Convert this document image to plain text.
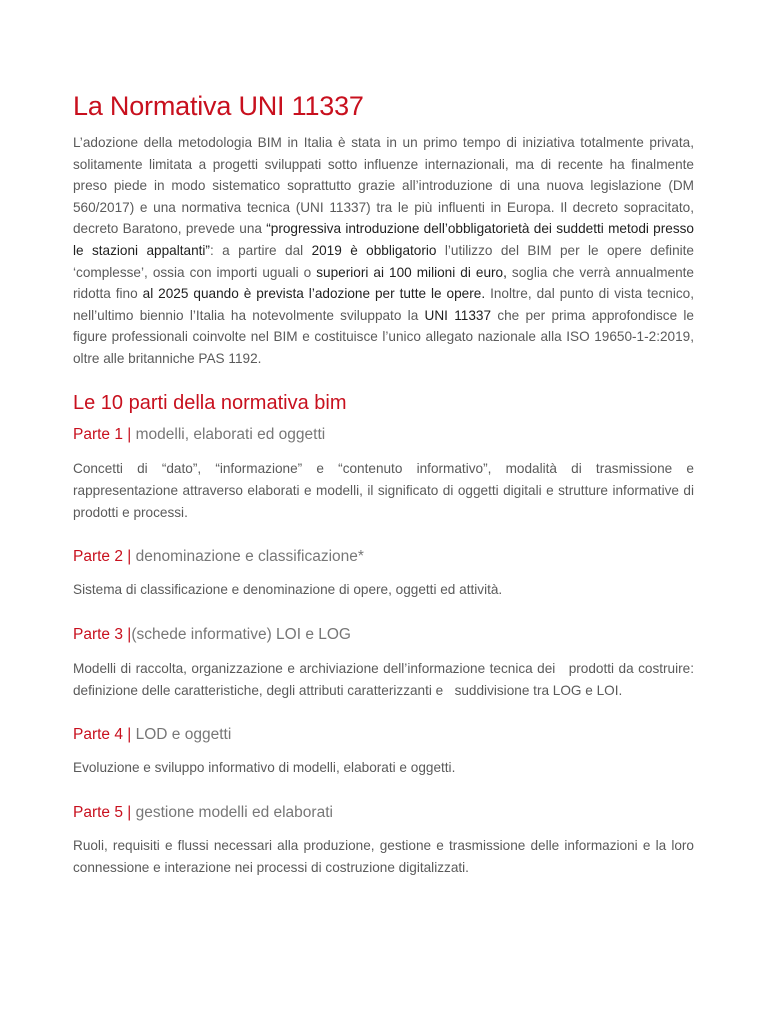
La Normativa UNI 11337

L’adozione della metodologia BIM in Italia è stata in un primo tempo di iniziativa totalmente privata, solitamente limitata a progetti sviluppati sotto influenze internazionali, ma di recente ha finalmente preso piede in modo sistematico soprattutto grazie all’introduzione di una nuova legislazione (DM 560/2017) e una normativa tecnica (UNI 11337) tra le più influenti in Europa. Il decreto sopracitato, decreto Baratono, prevede una “progressiva introduzione dell’obbligatorietà dei suddetti metodi presso le stazioni appaltanti”: a partire dal 2019 è obbligatorio l’utilizzo del BIM per le opere definite ‘complesse’, ossia con importi uguali o superiori ai 100 milioni di euro, soglia che verrà annualmente ridotta fino al 2025 quando è prevista l’adozione per tutte le opere. Inoltre, dal punto di vista tecnico, nell’ultimo biennio l’Italia ha notevolmente sviluppato la UNI 11337 che per prima approfondisce le figure professionali coinvolte nel BIM e costituisce l’unico allegato nazionale alla ISO 19650-1-2:2019, oltre alle britanniche PAS 1192.

Le 10 parti della normativa bim
Parte 1 | modelli, elaborati ed oggetti

Concetti di “dato”, “informazione” e “contenuto informativo”, modalità di trasmissione e rappresentazione attraverso elaborati e modelli, il significato di oggetti digitali e strutture informative di prodotti e processi.

Parte 2 | denominazione e classificazione*

Sistema di classificazione e denominazione di opere, oggetti ed attività.

Parte 3 |(schede informative) LOI e LOG

Modelli di raccolta, organizzazione e archiviazione dell’informazione tecnica dei   prodotti da costruire: definizione delle caratteristiche, degli attributi caratterizzanti e   suddivisione tra LOG e LOI.

Parte 4 | LOD e oggetti

Evoluzione e sviluppo informativo di modelli, elaborati e oggetti.

Parte 5 | gestione modelli ed elaborati

Ruoli, requisiti e flussi necessari alla produzione, gestione e trasmissione delle informazioni e la loro connessione e interazione nei processi di costruzione digitalizzati.
